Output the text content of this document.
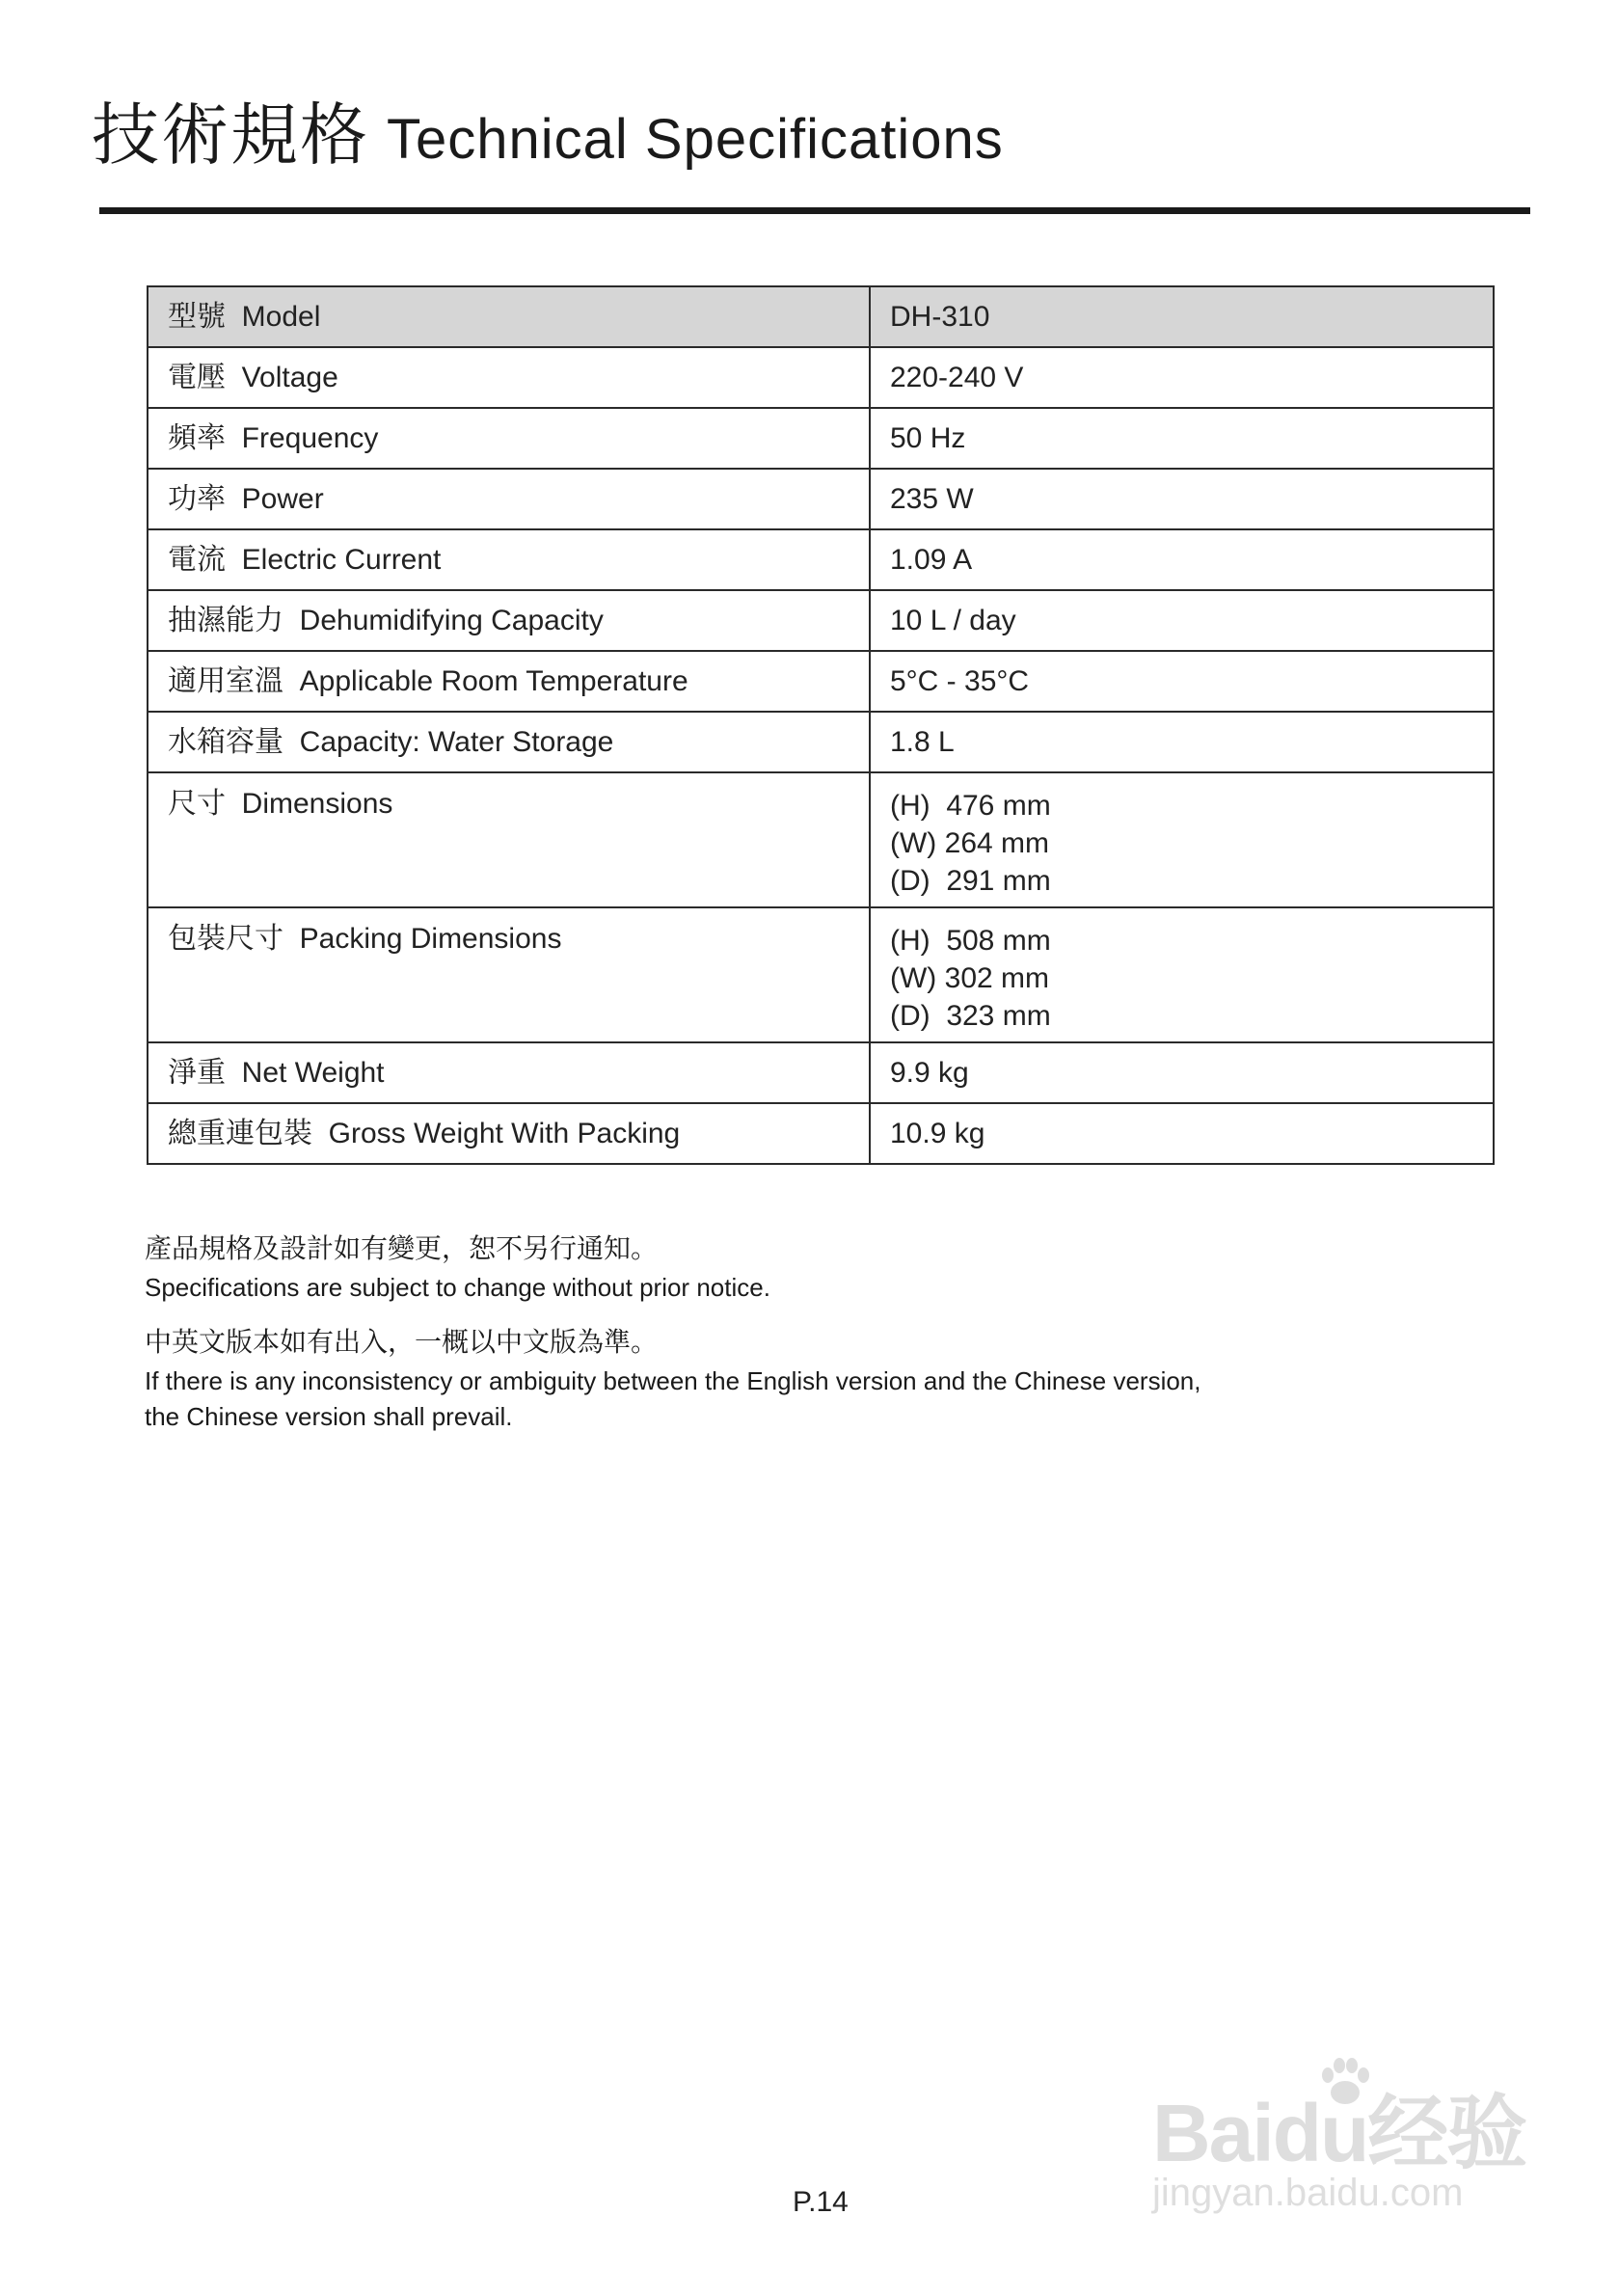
技術規格 Technical Specifications
型號 Model	DH-310

電壓 Voltage	220-240 V

頻率 Frequency	50 Hz

功率 Power	235 W

電流 Electric Current	1.09 A

抽濕能力 Dehumidifying Capacity	10 L / day

適用室溫 Applicable Room Temperature	5°C - 35°C

水箱容量 Capacity: Water Storage	1.8 L

尺寸 Dimensions	(H)  476 mm
(W) 264 mm
(D)  291 mm

包裝尺寸 Packing Dimensions	(H)  508 mm
(W) 302 mm
(D)  323 mm

淨重 Net Weight	9.9 kg

總重連包裝 Gross Weight With Packing	10.9 kg
產品規格及設計如有變更，恕不另行通知。
Specifications are subject to change without prior notice.
中英文版本如有出入，一概以中文版為準。
If there is any inconsistency or ambiguity between the English version and the Chinese version,
the Chinese version shall prevail.
P.14
Baidu经验
jingyan.baidu.com
